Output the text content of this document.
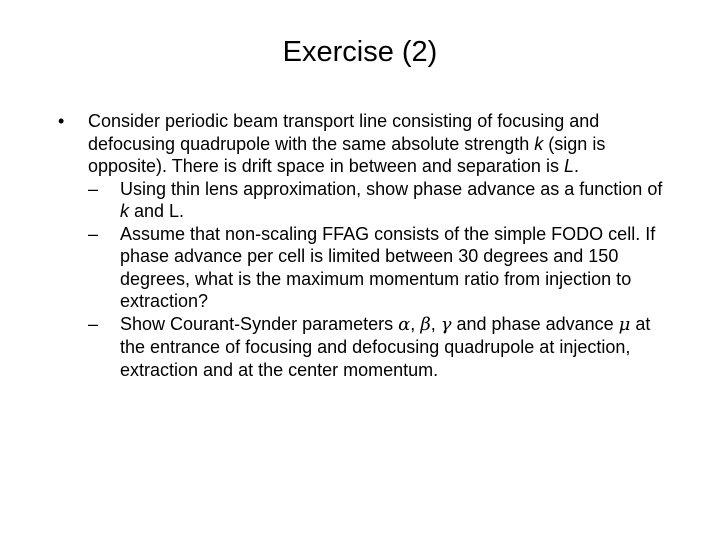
Exercise (2)
• Consider periodic beam transport line consisting of focusing and defocusing quadrupole with the same absolute strength k (sign is opposite). There is drift space in between and separation is L.
– Using thin lens approximation, show phase advance as a function of k and L.
– Assume that non-scaling FFAG consists of the simple FODO cell. If phase advance per cell is limited between 30 degrees and 150 degrees, what is the maximum momentum ratio from injection to extraction?
– Show Courant-Synder parameters α, β, γ and phase advance μ at the entrance of focusing and defocusing quadrupole at injection, extraction and at the center momentum.
